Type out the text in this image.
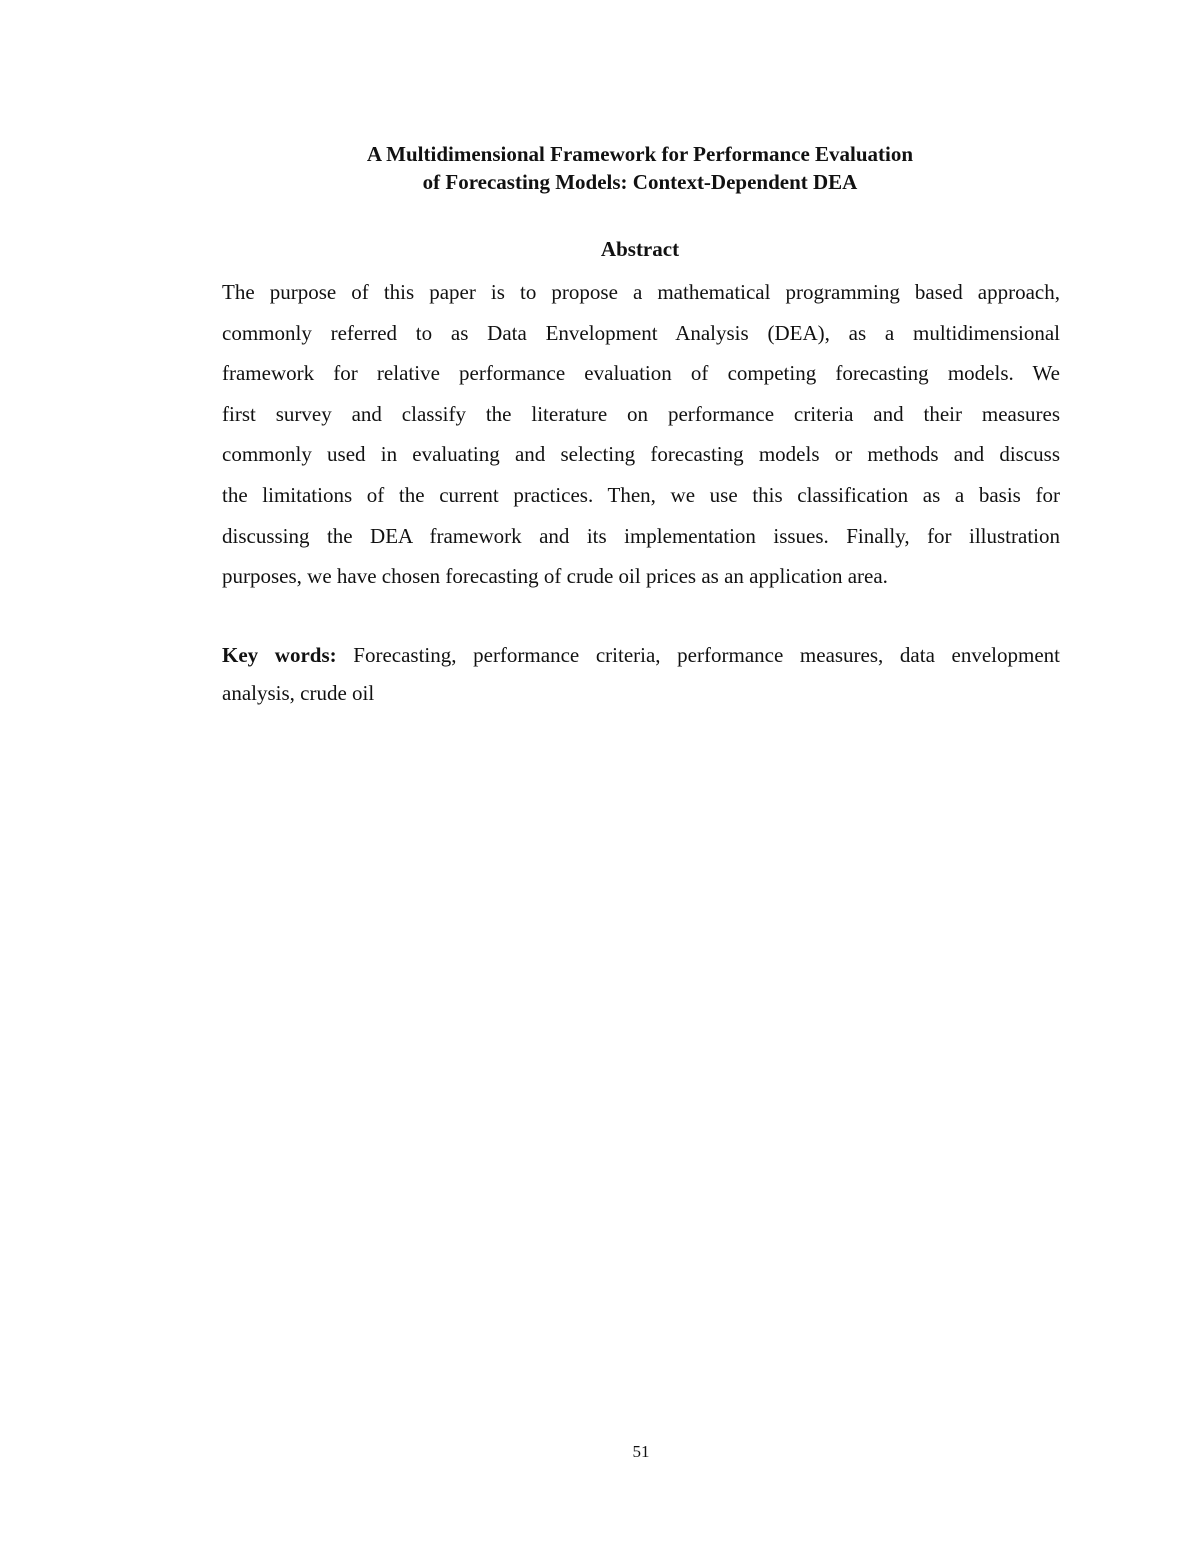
A Multidimensional Framework for Performance Evaluation
of Forecasting Models: Context-Dependent DEA
Abstract
The purpose of this paper is to propose a mathematical programming based approach,
commonly referred to as Data Envelopment Analysis (DEA), as a multidimensional
framework for relative performance evaluation of competing forecasting models. We
first survey and classify the literature on performance criteria and their measures
commonly used in evaluating and selecting forecasting models or methods and discuss
the limitations of the current practices. Then, we use this classification as a basis for
discussing the DEA framework and its implementation issues. Finally, for illustration
purposes, we have chosen forecasting of crude oil prices as an application area.
Key words: Forecasting, performance criteria, performance measures, data envelopment
analysis, crude oil
51
